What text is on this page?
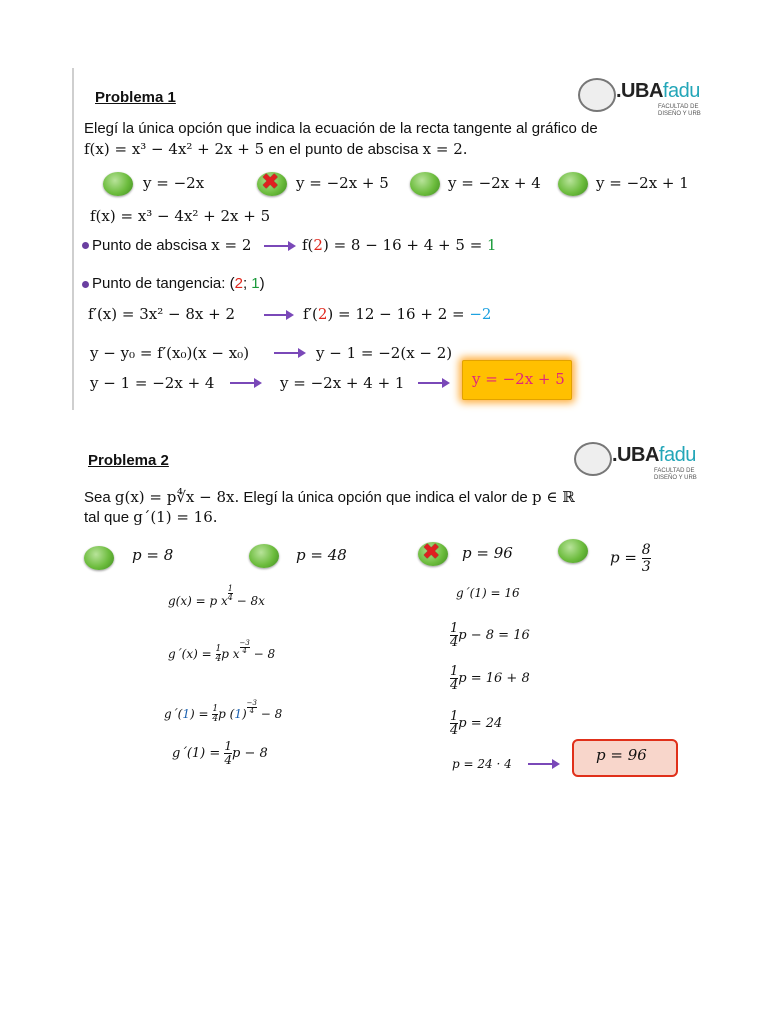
.UBAfadu
FACULTAD DE DISEÑO Y URB
Problema 1
Elegí la única opción que indica la ecuación de la recta tangente al gráfico de
f(x) = x³ − 4x² + 2x + 5 en el punto de abscisa x = 2.
y = −2x	✖ y = −2x + 5	y = −2x + 4	y = −2x + 1
f(x) = x³ − 4x² + 2x + 5
Punto de abscisa x = 2	f(2) = 8 − 16 + 4 + 5 = 1
Punto de tangencia: (2; 1)
f′(x) = 3x² − 8x + 2	f′(2) = 12 − 16 + 2 = −2
y − y₀ = f′(x₀)(x − x₀)	y − 1 = −2(x − 2)
y − 1 = −2x + 4	y = −2x + 4 + 1	y = −2x + 5
.UBAfadu
FACULTAD DE DISEÑO Y URB
Problema 2
Sea g(x) = p∜x − 8x. Elegí la única opción que indica el valor de p ∈ ℝ
tal que g´(1) = 16.
p = 8	p = 48	✖ p = 96	$p = \frac{8}{3}$
g(x) = p x $^{\frac{1}{4}}$ − 8x
g´(x) = $\frac{1}{4}$ p x $^{\frac{-3}{4}}$ − 8
g´(1) = $\frac{1}{4}$ p (1) $^{\frac{-3}{4}}$ − 8
g´(1) = $\frac{1}{4}$ p − 8
g´(1) = 16
$\frac{1}{4}$ p − 8 = 16
$\frac{1}{4}$ p = 16 + 8
$\frac{1}{4}$ p = 24
p = 24 · 4	p = 96
